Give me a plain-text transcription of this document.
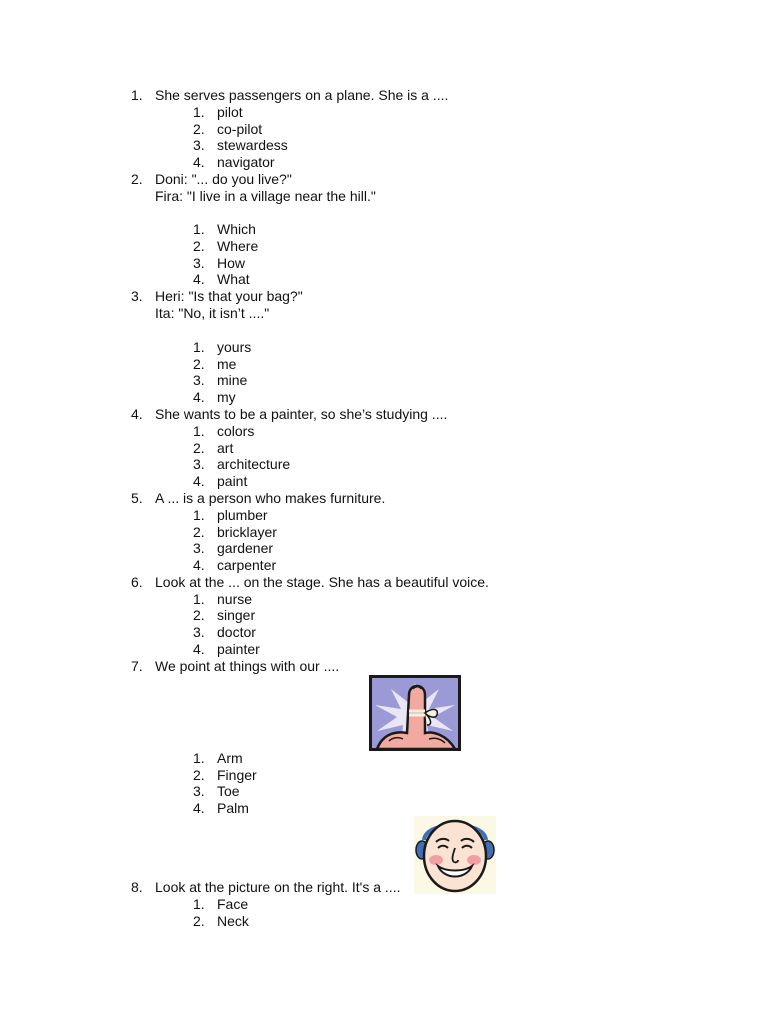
1. She serves passengers on a plane. She is a ....
1. pilot
2. co-pilot
3. stewardess
4. navigator
2. Doni: "... do you live?"
Fira: "I live in a village near the hill."
1. Which
2. Where
3. How
4. What
3. Heri: "Is that your bag?"
Ita: "No, it isn’t ...."
1. yours
2. me
3. mine
4. my
4. She wants to be a painter, so she’s studying ....
1. colors
2. art
3. architecture
4. paint
5. A ... is a person who makes furniture.
1. plumber
2. bricklayer
3. gardener
4. carpenter
6. Look at the ... on the stage. She has a beautiful voice.
1. nurse
2. singer
3. doctor
4. painter
7. We point at things with our ....
1. Arm
2. Finger
3. Toe
4. Palm
8. Look at the picture on the right. It's a ....
1. Face
2. Neck
